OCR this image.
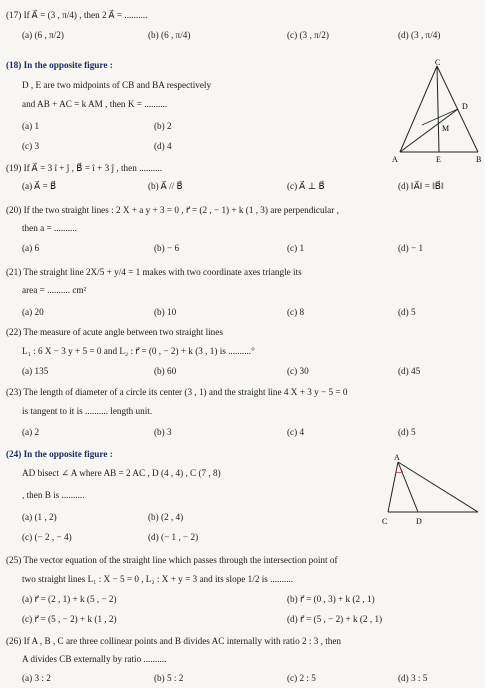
(17) If A⃗ = (3 , π/4) , then 2 A⃗ = ..........
(a) (6 , π/2)	(b) (6 , π/4)	(c) (3 , π/2)	(d) (3 , π/4)
(18) In the opposite figure :
D , E are two midpoints of CB and BA respectively
and AB + AC = k AM , then K = ..........
(a) 1	(b) 2
(c) 3	(d) 4
C
D
M
A	E	B
(19) If A⃗ = 3 î + ĵ , B⃗ = î + 3 ĵ , then ..........
(a) A⃗ = B⃗	(b) A⃗ // B⃗	(c) A⃗ ⊥ B⃗	(d) ‖A⃗‖ = ‖B⃗‖
(20) If the two straight lines : 2 X + a y + 3 = 0 , r⃗ = (2 , − 1) + k (1 , 3) are perpendicular ,
then a = ..........
(a) 6	(b) − 6	(c) 1	(d) − 1
(21) The straight line 2X/5 + y/4 = 1 makes with two coordinate axes triangle its
area = .......... cm²
(a) 20	(b) 10	(c) 8	(d) 5
(22) The measure of acute angle between two straight lines
L₁ : 6 X − 3 y + 5 = 0 and L₂ : r⃗ = (0 , − 2) + k (3 , 1) is ..........°
(a) 135	(b) 60	(c) 30	(d) 45
(23) The length of diameter of a circle its center (3 , 1) and the straight line 4 X + 3 y − 5 = 0
is tangent to it is .......... length unit.
(a) 2	(b) 3	(c) 4	(d) 5
(24) In the opposite figure :
AD bisect ∠ A where AB = 2 AC , D (4 , 4) , C (7 , 8)
, then B is ..........
(a) (1 , 2)	(b) (2 , 4)
(c) (− 2 , − 4)	(d) (− 1 , − 2)
A
C	D
(25) The vector equation of the straight line which passes through the intersection point of
two straight lines L₁ : X − 5 = 0 , L₂ : X + y = 3 and its slope 1/2 is ..........
(a) r⃗ = (2 , 1) + k (5 , − 2)	(b) r⃗ = (0 , 3) + k (2 , 1)
(c) r⃗ = (5 , − 2) + k (1 , 2)	(d) r⃗ = (5 , − 2) + k (2 , 1)
(26) If A , B , C are three collinear points and B divides AC internally with ratio 2 : 3 , then
A divides CB externally by ratio ..........
(a) 3 : 2	(b) 5 : 2	(c) 2 : 5	(d) 3 : 5
